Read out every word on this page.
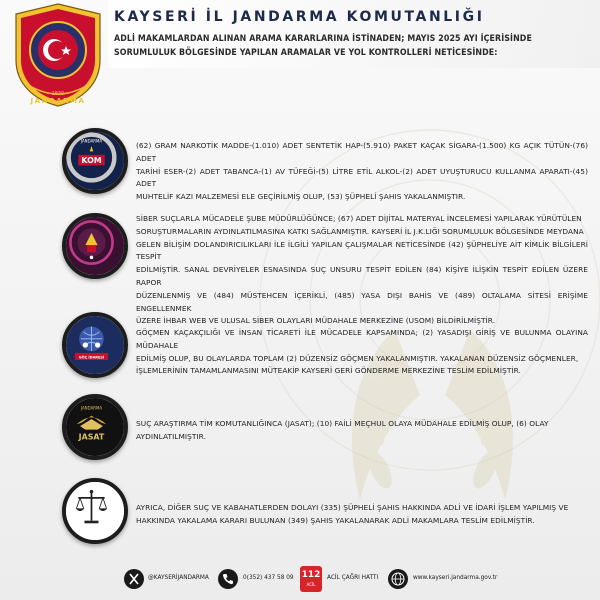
1839
JANDARMA
KAYSERİ İL JANDARMA KOMUTANLIĞI
ADLİ MAKAMLARDAN ALINAN ARAMA KARARLARINA İSTİNADEN; MAYIS 2025 AYI İÇERİSİNDE SORUMLULUK BÖLGESİNDE YAPILAN ARAMALAR VE YOL KONTROLLERİ NETİCESİNDE:
KOM
JANDARMA	(62) GRAM NARKOTİK MADDE-(1.010) ADET SENTETİK HAP-(5.910) PAKET KAÇAK SİGARA-(1.500) KG AÇIK TÜTÜN-(76) ADET
TARİHİ ESER-(2) ADET TABANCA-(1) AV TÜFEĞİ-(5) LİTRE ETİL ALKOL-(2) ADET UYUŞTURUCU KULLANMA APARATI-(45) ADET
MUHTELİF KAZI MALZEMESİ ELE GEÇİRİLMİŞ OLUP, (53) ŞÜPHELİ ŞAHIS YAKALANMIŞTIR.
SİBER SUÇLARLA MÜCADELE ŞUBE MÜDÜRLÜĞÜNCE; (67) ADET DİJİTAL MATERYAL İNCELEMESİ YAPILARAK YÜRÜTÜLEN
SORUŞTURMALARIN AYDINLATILMASINA KATKI SAĞLANMIŞTIR. KAYSERİ İL J.K.LIĞI SORUMLULUK BÖLGESİNDE MEYDANA
GELEN BİLİŞİM DOLANDIRICILIKLARI İLE İLGİLİ YAPILAN ÇALIŞMALAR NETİCESİNDE (42) ŞÜPHELİYE AİT KİMLİK BİLGİLERİ TESPİT
EDİLMİŞTİR. SANAL DEVRİYELER ESNASINDA SUÇ UNSURU TESPİT EDİLEN (84) KİŞİYE İLİŞKİN TESPİT EDİLEN ÜZERE RAPOR
DÜZENLENMİŞ VE (484) MÜSTEHCEN İÇERİKLİ, (485) YASA DIŞI BAHİS VE (489) OLTALAMA SİTESİ ERİŞİME ENGELLENMEK
ÜZERE İHBAR WEB VE ULUSAL SİBER OLAYLARI MÜDAHALE MERKEZİNE (USOM) BİLDİRİLMİŞTİR.
GÖÇ İDARESİ
GÖÇMEN KAÇAKÇILIĞI VE İNSAN TİCARETİ İLE MÜCADELE KAPSAMINDA; (2) YASADIŞI GİRİŞ VE BULUNMA OLAYINA MÜDAHALE
EDİLMİŞ OLUP, BU OLAYLARDA TOPLAM (2) DÜZENSİZ GÖÇMEN YAKALANMIŞTIR. YAKALANAN DÜZENSİZ GÖÇMENLER,
İŞLEMLERİNİN TAMAMLANMASINI MÜTEAKİP KAYSERİ GERİ GÖNDERME MERKEZİNE TESLİM EDİLMİŞTİR.
JANDARMA
JASAT
SUÇ ARAŞTIRMA TİM KOMUTANLIĞINCA (JASAT); (10) FAİLİ MEÇHUL OLAYA MÜDAHALE EDİLMİŞ OLUP, (6) OLAY
AYDINLATILMIŞTIR.
AYRICA, DİĞER SUÇ VE KABAHATLERDEN DOLAYI (335) ŞÜPHELİ ŞAHIS HAKKINDA ADLİ VE İDARİ İŞLEM YAPILMIŞ VE
HAKKINDA YAKALAMA KARARI BULUNAN (349) ŞAHIS YAKALANARAK ADLİ MAKAMLARA TESLİM EDİLMİŞTİR.
@KAYSERİJANDARMA	0(352) 437 58 09 112
ACİL
ACİL ÇAĞRI HATTI	www.kayseri.jandarma.gov.tr
